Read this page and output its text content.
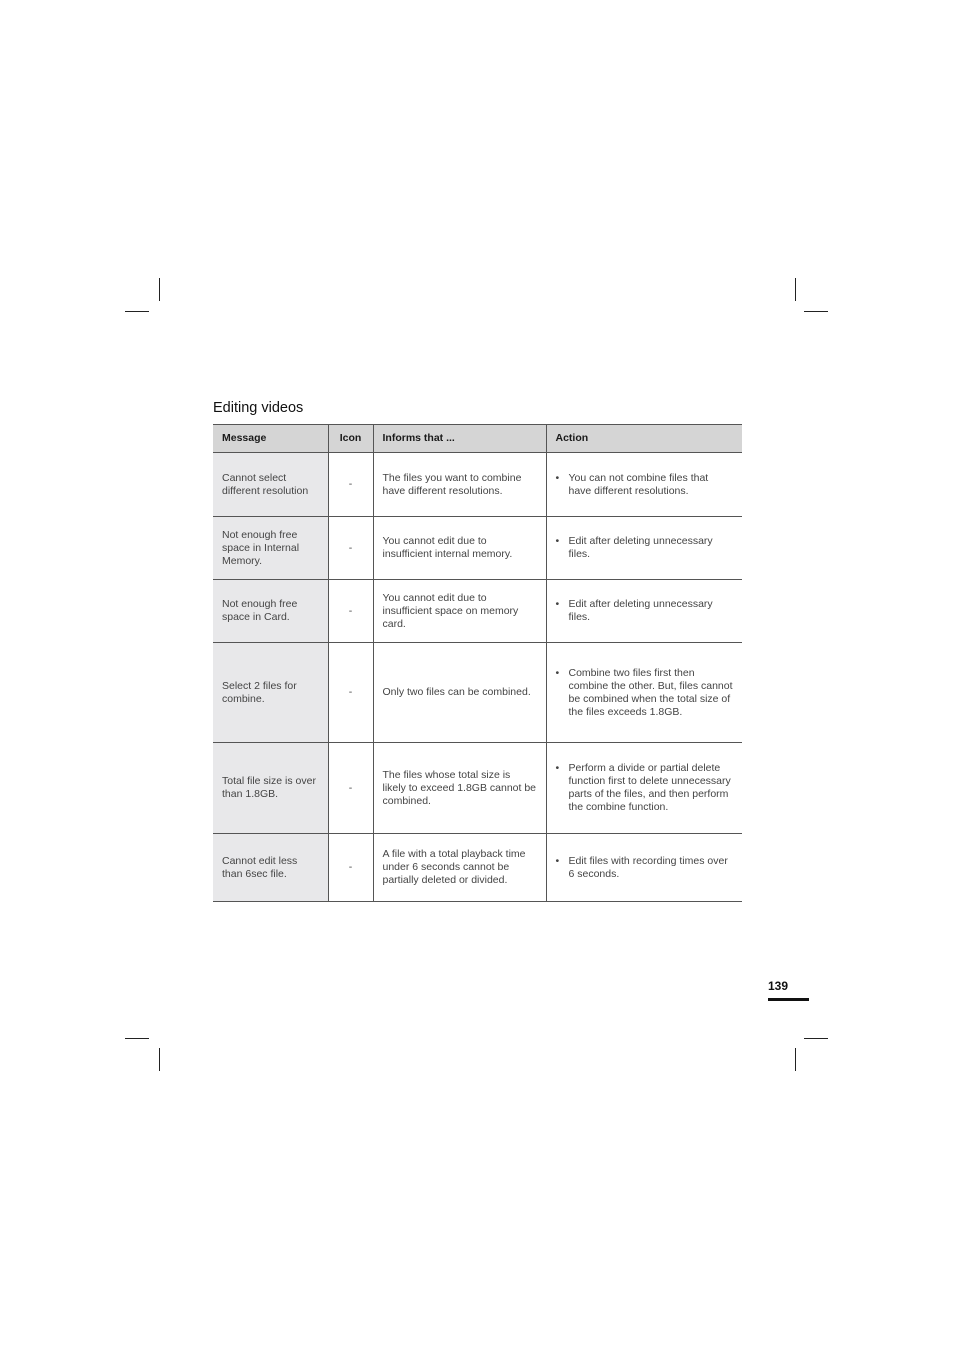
Editing videos
Message	Icon	Informs that ...	Action
Cannot select different resolution	-	The files you want to combine have different resolutions.	• You can not combine files that have different resolutions.

Not enough free space in Internal Memory.	-	You cannot edit due to insufficient internal memory.	• Edit after deleting unnecessary files.

Not enough free space in Card.	-	You cannot edit due to insufficient space on memory card.	• Edit after deleting unnecessary files.

Select 2 files for combine.	-	Only two files can be combined.	• Combine two files first then combine the other. But, files cannot be combined when the total size of the files exceeds 1.8GB.

Total file size is over than 1.8GB.	-	The files whose total size is likely to exceed 1.8GB cannot be combined.	• Perform a divide or partial delete function first to delete unnecessary parts of the files, and then perform the combine function.

Cannot edit less than 6sec file.	-	A file with a total playback time under 6 seconds cannot be partially deleted or divided.	• Edit files with recording times over 6 seconds.
139
